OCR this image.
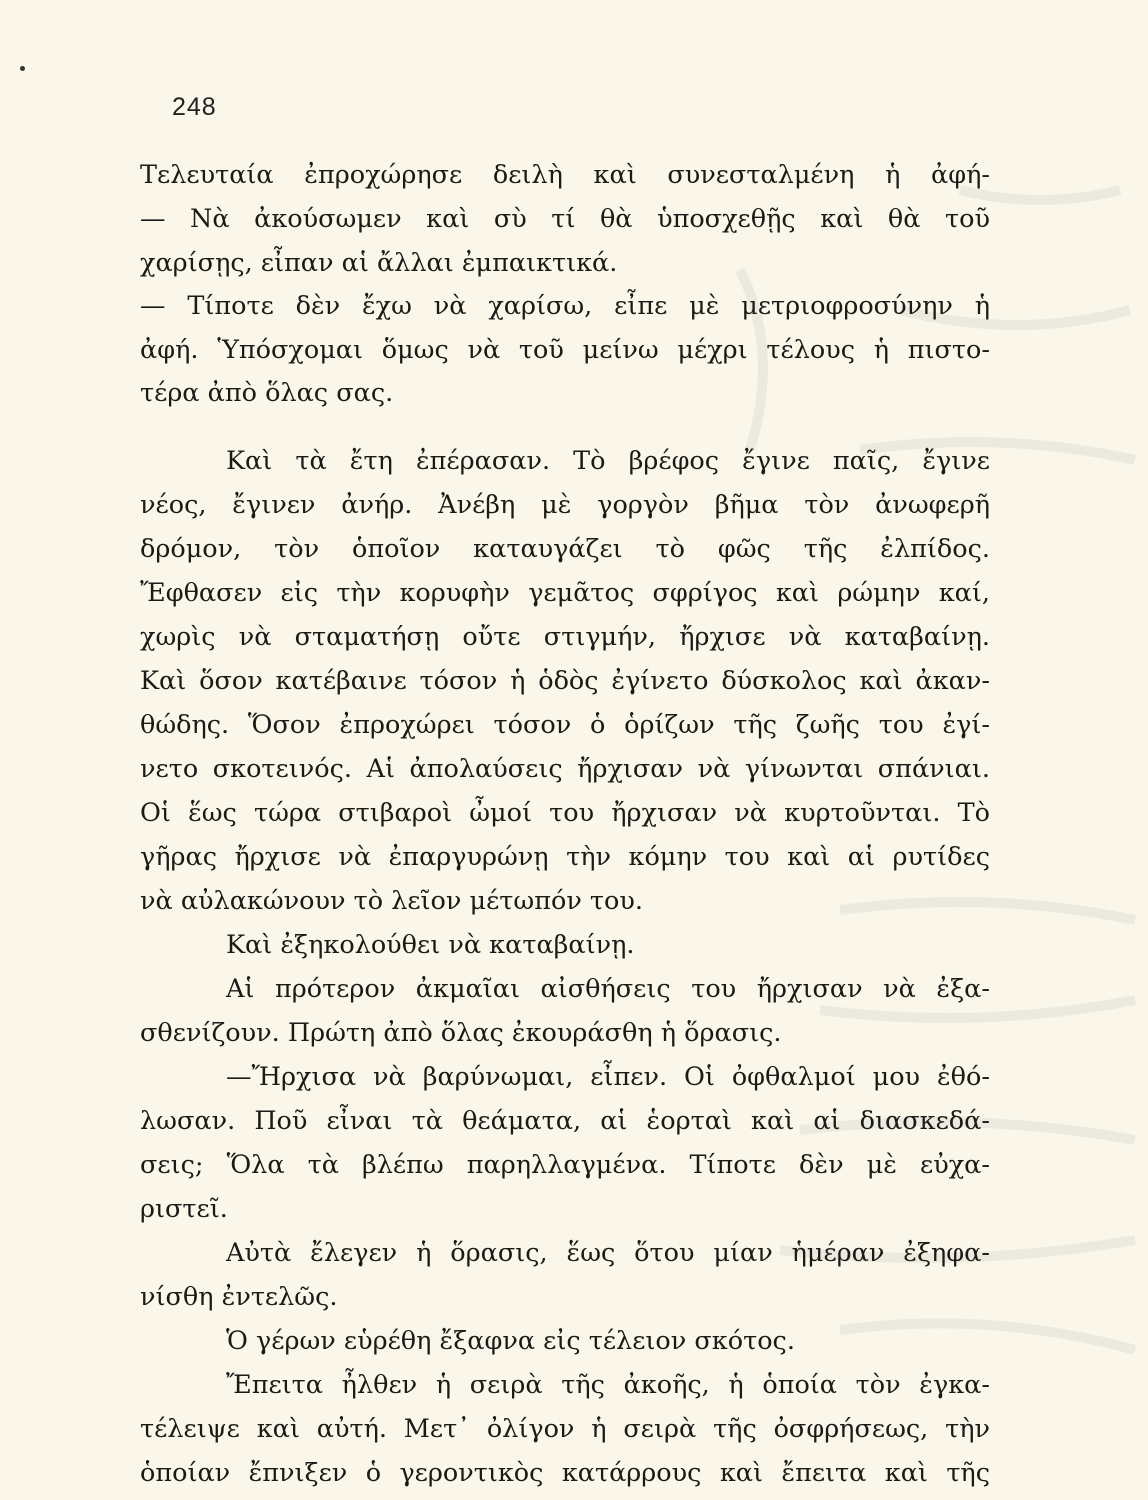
248
Τελευταία ἐπροχώρησε δειλὴ καὶ συνεσταλμένη ἡ ἀφή-
— Νὰ ἀκούσωμεν καὶ σὺ τί θὰ ὑποσχεθῇς καὶ θὰ τοῦ
χαρίσῃς, εἶπαν αἱ ἄλλαι ἐμπαικτικά.
— Τίποτε δὲν ἔχω νὰ χαρίσω, εἶπε μὲ μετριοφροσύνην ἡ
ἀφή. Ὑπόσχομαι ὅμως νὰ τοῦ μείνω μέχρι τέλους ἡ πιστο-
τέρα ἀπὸ ὅλας σας.
Καὶ τὰ ἔτη ἐπέρασαν. Τὸ βρέφος ἔγινε παῖς, ἔγινε
νέος, ἔγινεν ἀνήρ. Ἀνέβη μὲ γοργὸν βῆμα τὸν ἀνωφερῆ
δρόμον, τὸν ὁποῖον καταυγάζει τὸ φῶς τῆς ἐλπίδος.
Ἔφθασεν εἰς τὴν κορυφὴν γεμᾶτος σφρίγος καὶ ρώμην καί,
χωρὶς νὰ σταματήσῃ οὔτε στιγμήν, ἤρχισε νὰ καταβαίνῃ.
Καὶ ὅσον κατέβαινε τόσον ἡ ὁδὸς ἐγίνετο δύσκολος καὶ ἀκαν-
θώδης. Ὅσον ἐπροχώρει τόσον ὁ ὁρίζων τῆς ζωῆς του ἐγί-
νετο σκοτεινός. Αἱ ἀπολαύσεις ἤρχισαν νὰ γίνωνται σπάνιαι.
Οἱ ἕως τώρα στιβαροὶ ὦμοί του ἤρχισαν νὰ κυρτοῦνται. Τὸ
γῆρας ἤρχισε νὰ ἐπαργυρώνῃ τὴν κόμην του καὶ αἱ ρυτίδες
νὰ αὐλακώνουν τὸ λεῖον μέτωπόν του.
Καὶ ἐξηκολούθει νὰ καταβαίνῃ.
Αἱ πρότερον ἀκμαῖαι αἰσθήσεις του ἤρχισαν νὰ ἐξα-
σθενίζουν. Πρώτη ἀπὸ ὅλας ἐκουράσθη ἡ ὅρασις.
—Ἤρχισα νὰ βαρύνωμαι, εἶπεν. Οἱ ὀφθαλμοί μου ἐθό-
λωσαν. Ποῦ εἶναι τὰ θεάματα, αἱ ἑορταὶ καὶ αἱ διασκεδά-
σεις; Ὅλα τὰ βλέπω παρηλλαγμένα. Τίποτε δὲν μὲ εὐχα-
ριστεῖ.
Αὐτὰ ἔλεγεν ἡ ὅρασις, ἕως ὅτου μίαν ἡμέραν ἐξηφα-
νίσθη ἐντελῶς.
Ὁ γέρων εὑρέθη ἔξαφνα εἰς τέλειον σκότος.
Ἔπειτα ἦλθεν ἡ σειρὰ τῆς ἀκοῆς, ἡ ὁποία τὸν ἐγκα-
τέλειψε καὶ αὐτή. Μετ᾽ ὀλίγον ἡ σειρὰ τῆς ὀσφρήσεως, τὴν
ὁποίαν ἔπνιξεν ὁ γεροντικὸς κατάρρους καὶ ἔπειτα καὶ τῆς
